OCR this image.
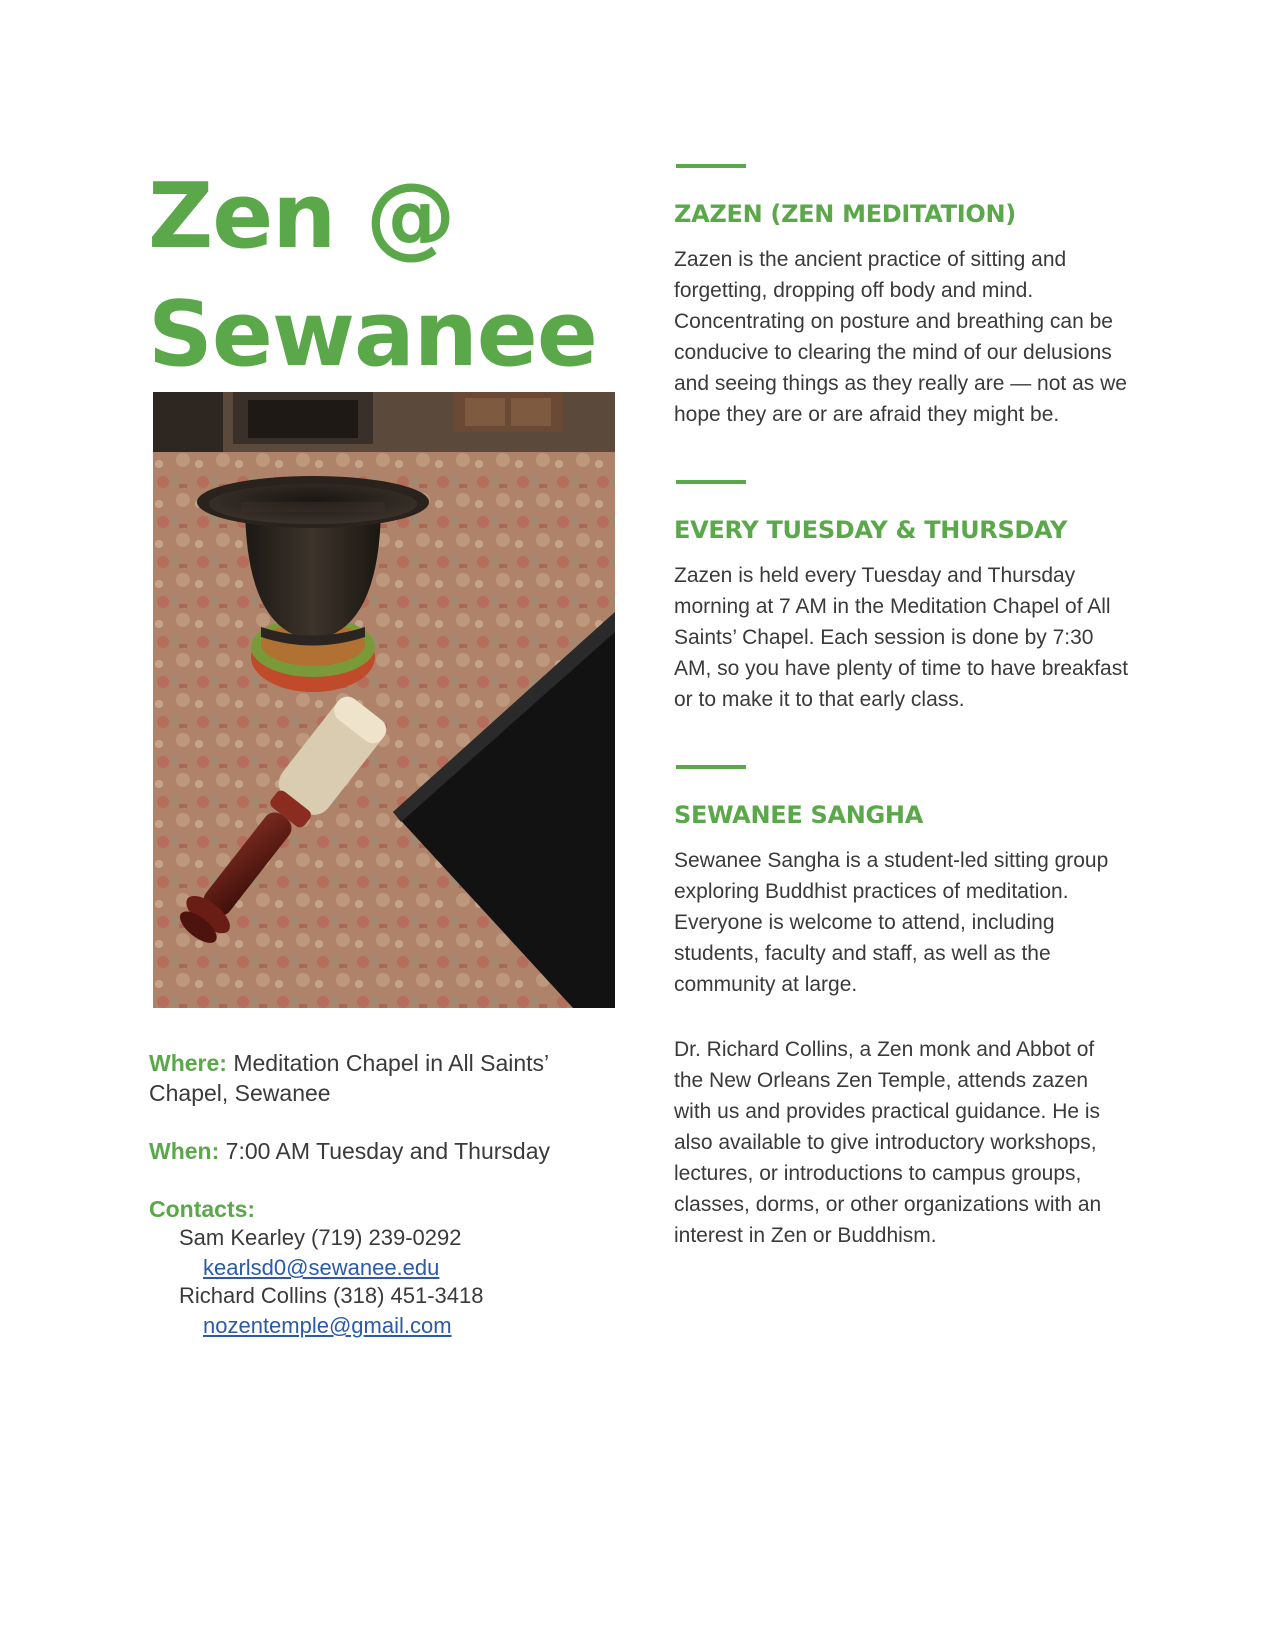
Zen @
Sewanee

Where: Meditation Chapel in All Saints’ Chapel, Sewanee

When: 7:00 AM Tuesday and Thursday

Contacts:

Sam Kearley (719) 239-0292
kearlsd0@sewanee.edu
Richard Collins (318) 451-3418
nozentemple@gmail.com
ZAZEN (ZEN MEDITATION)

Zazen is the ancient practice of sitting and forgetting, dropping off body and mind. Concentrating on posture and breathing can be conducive to clearing the mind of our delusions and seeing things as they really are — not as we hope they are or are afraid they might be.

EVERY TUESDAY & THURSDAY

Zazen is held every Tuesday and Thursday morning at 7 AM in the Meditation Chapel of All Saints’ Chapel. Each session is done by 7:30 AM, so you have plenty of time to have breakfast or to make it to that early class.

SEWANEE SANGHA

Sewanee Sangha is a student-led sitting group exploring Buddhist practices of meditation. Everyone is welcome to attend, including students, faculty and staff, as well as the community at large.

Dr. Richard Collins, a Zen monk and Abbot of the New Orleans Zen Temple, attends zazen with us and provides practical guidance. He is also available to give introductory workshops, lectures, or introductions to campus groups, classes, dorms, or other organizations with an interest in Zen or Buddhism.
